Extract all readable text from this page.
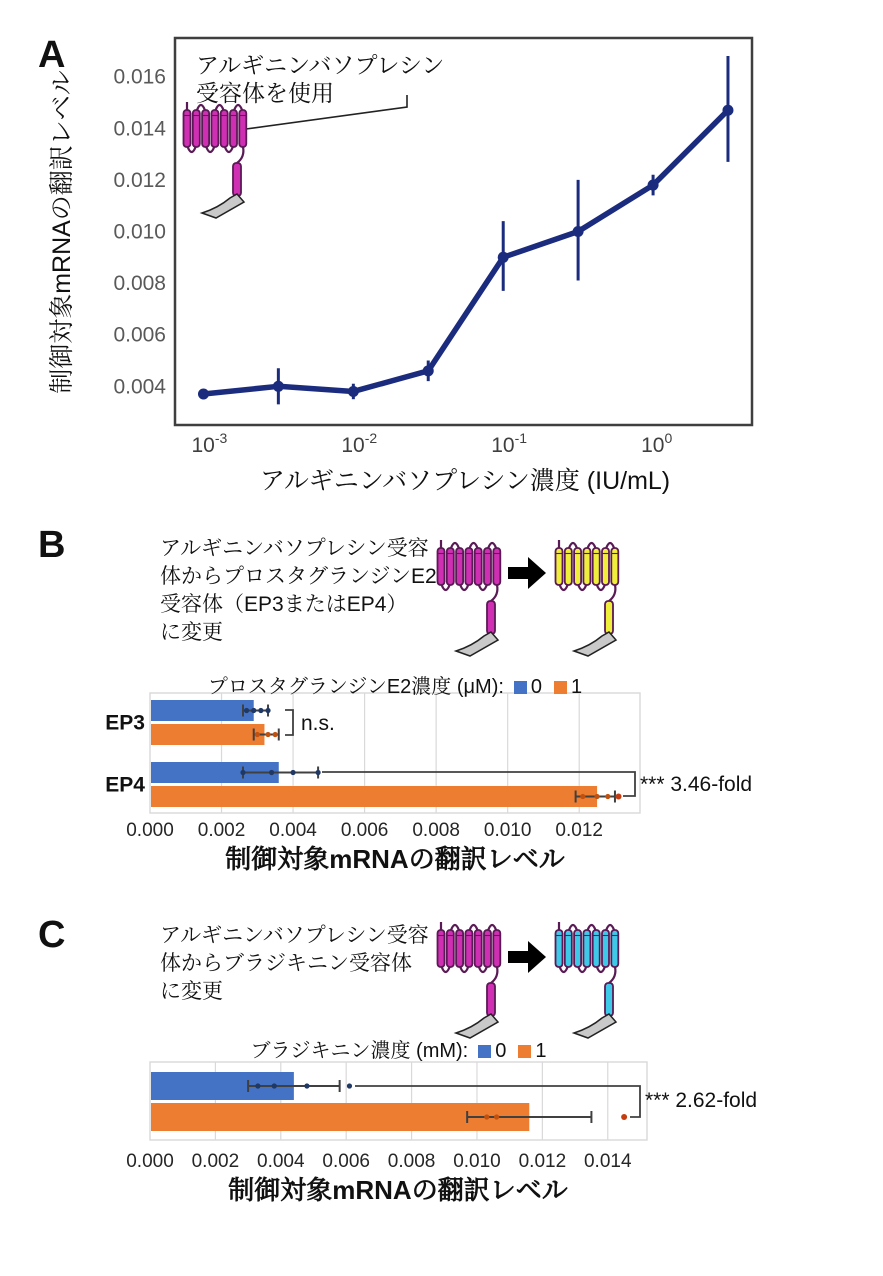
0.004
0.006
0.008
0.010
0.012
0.014
0.016
$10^{-3}$	$10^{-2}$	$10^{-1}$	$10^0$
アルギニンバソプレシン
受容体を使用
アルギニンバソプレシン濃度 (IU/mL)
制御対象mRNAの翻訳レベル
0.000 0.002 0.004 0.006 0.008 0.010 0.012
EP3
EP4
n.s.
*** 3.46-fold
制御対象mRNAの翻訳レベル
0.000 0.002 0.004 0.006 0.008 0.010 0.012 0.014
*** 2.62-fold
制御対象mRNAの翻訳レベル
A
B
C
アルギニンバソプレシン受容
体からプロスタグランジンE2
受容体（EP3またはEP4）
に変更
アルギニンバソプレシン受容
体からブラジキニン受容体
に変更
プロスタグランジンE2濃度 (μM): 0 1
ブラジキニン濃度 (mM): 0 1
